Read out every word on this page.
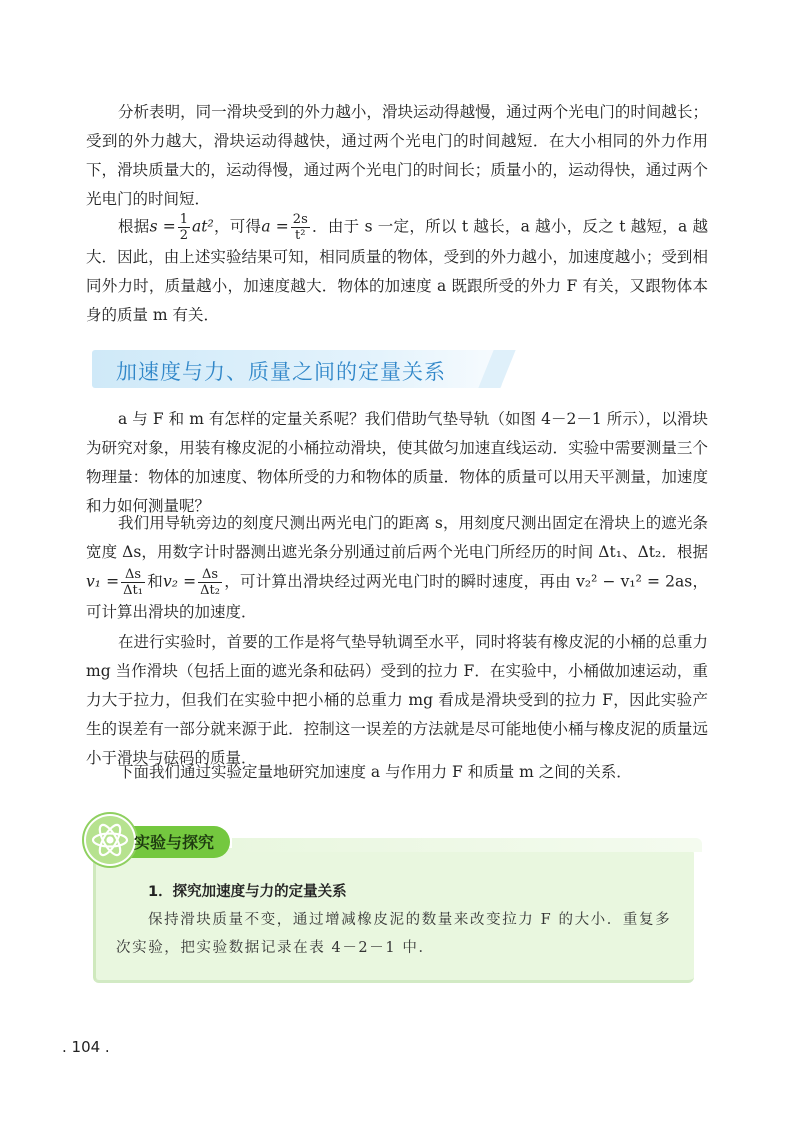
分析表明，同一滑块受到的外力越小，滑块运动得越慢，通过两个光电门的时间越长；受到的外力越大，滑块运动得越快，通过两个光电门的时间越短．在大小相同的外力作用下，滑块质量大的，运动得慢，通过两个光电门的时间长；质量小的，运动得快，通过两个光电门的时间短．
根据$s = \frac{1}{2} at^2$，可得$a = \frac{2s}{\text{t²}}$ ．由于 s 一定，所以 t 越长，a 越小，反之 t 越短，a 越大．因此，由上述实验结果可知，相同质量的物体，受到的外力越小，加速度越小；受到相同外力时，质量越小，加速度越大．物体的加速度 a 既跟所受的外力 F 有关，又跟物体本身的质量 m 有关．
加速度与力、质量之间的定量关系
a 与 F 和 m 有怎样的定量关系呢？我们借助气垫导轨（如图 4－2－1 所示），以滑块为研究对象，用装有橡皮泥的小桶拉动滑块，使其做匀加速直线运动．实验中需要测量三个物理量：物体的加速度、物体所受的力和物体的质量．物体的质量可以用天平测量，加速度和力如何测量呢？
我们用导轨旁边的刻度尺测出两光电门的距离 s，用刻度尺测出固定在滑块上的遮光条宽度 Δs，用数字计时器测出遮光条分别通过前后两个光电门所经历的时间 Δt₁、Δt₂．根据$v_1 = \frac{\Delta s}{\text{Δt₁}}$ 和$v_2 = \frac{\Delta s}{\text{Δt₂}}$ ，可计算出滑块经过两光电门时的瞬时速度，再由 v₂² − v₁² = 2as，可计算出滑块的加速度．
在进行实验时，首要的工作是将气垫导轨调至水平，同时将装有橡皮泥的小桶的总重力 mg 当作滑块（包括上面的遮光条和砝码）受到的拉力 F．在实验中，小桶做加速运动，重力大于拉力，但我们在实验中把小桶的总重力 mg 看成是滑块受到的拉力 F，因此实验产生的误差有一部分就来源于此．控制这一误差的方法就是尽可能地使小桶与橡皮泥的质量远小于滑块与砝码的质量．
下面我们通过实验定量地研究加速度 a 与作用力 F 和质量 m 之间的关系．
实验与探究
1．探究加速度与力的定量关系
保持滑块质量不变，通过增减橡皮泥的数量来改变拉力 F 的大小．重复多次实验，把实验数据记录在表 4－2－1 中．
. 104 .
